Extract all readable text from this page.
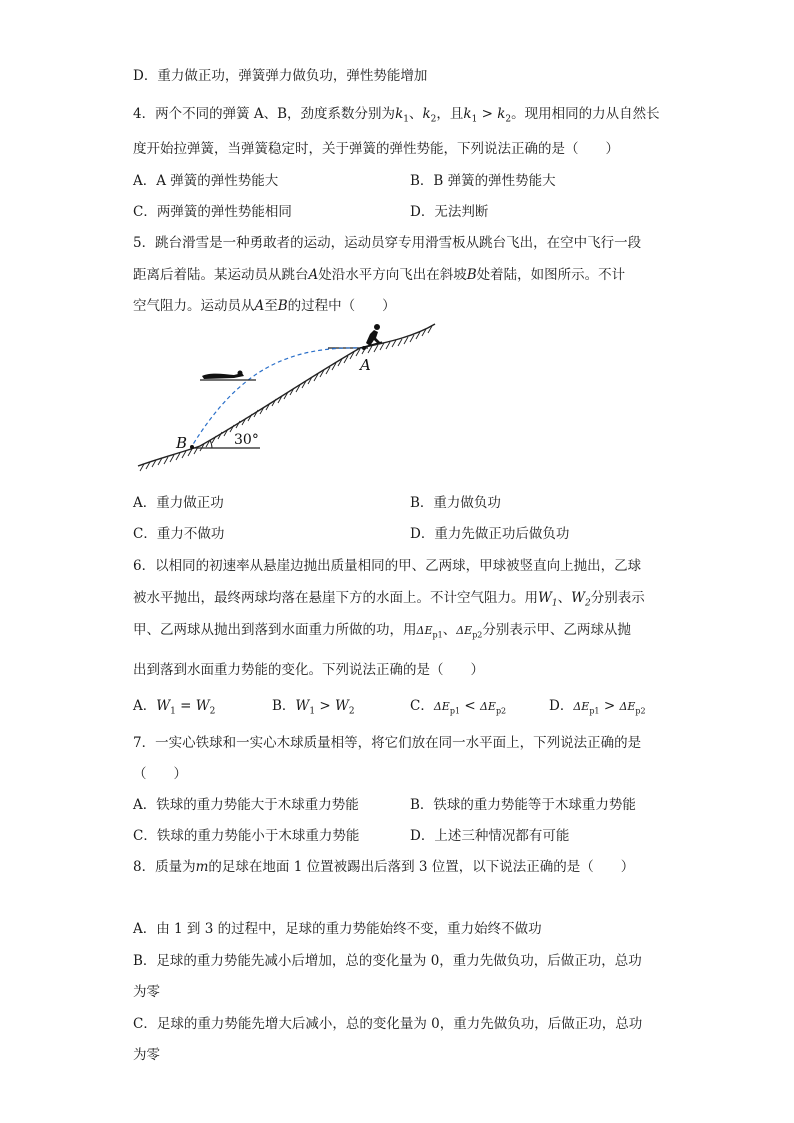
D．重力做正功，弹簧弹力做负功，弹性势能增加
4．两个不同的弹簧 A、B，劲度系数分别为$k_1$、$k_2$，且$k_1 > k_2$。现用相同的力从自然长
度开始拉弹簧，当弹簧稳定时，关于弹簧的弹性势能，下列说法正确的是（　　）
A．A 弹簧的弹性势能大	B．B 弹簧的弹性势能大
C．两弹簧的弹性势能相同	D．无法判断
5．跳台滑雪是一种勇敢者的运动，运动员穿专用滑雪板从跳台飞出，在空中飞行一段
距离后着陆。某运动员从跳台A处沿水平方向飞出在斜坡B处着陆，如图所示。不计
空气阻力。运动员从A至B的过程中（　　）
A
B	30°
A．重力做正功	B．重力做负功
C．重力不做功	D．重力先做正功后做负功
6．以相同的初速率从悬崖边抛出质量相同的甲、乙两球，甲球被竖直向上抛出，乙球
被水平抛出，最终两球均落在悬崖下方的水面上。不计空气阻力。用$W_1$、$W_2$分别表示
甲、乙两球从抛出到落到水面重力所做的功，用$\Delta E_{p1}$、$\Delta E_{p2}$分别表示甲、乙两球从抛
出到落到水面重力势能的变化。下列说法正确的是（　　）
A．$W_1 = W_2$	B．$W_1 > W_2$	C．$\Delta E_{p1} < \Delta E_{p2}$	D．$\Delta E_{p1} > \Delta E_{p2}$
7．一实心铁球和一实心木球质量相等，将它们放在同一水平面上，下列说法正确的是
（　　）
A．铁球的重力势能大于木球重力势能	B．铁球的重力势能等于木球重力势能
C．铁球的重力势能小于木球重力势能	D．上述三种情况都有可能
8．质量为m的足球在地面 1 位置被踢出后落到 3 位置，以下说法正确的是（　　）
A．由 1 到 3 的过程中，足球的重力势能始终不变，重力始终不做功
B．足球的重力势能先减小后增加，总的变化量为 0，重力先做负功，后做正功，总功
为零
C．足球的重力势能先增大后减小，总的变化量为 0，重力先做负功，后做正功，总功
为零
